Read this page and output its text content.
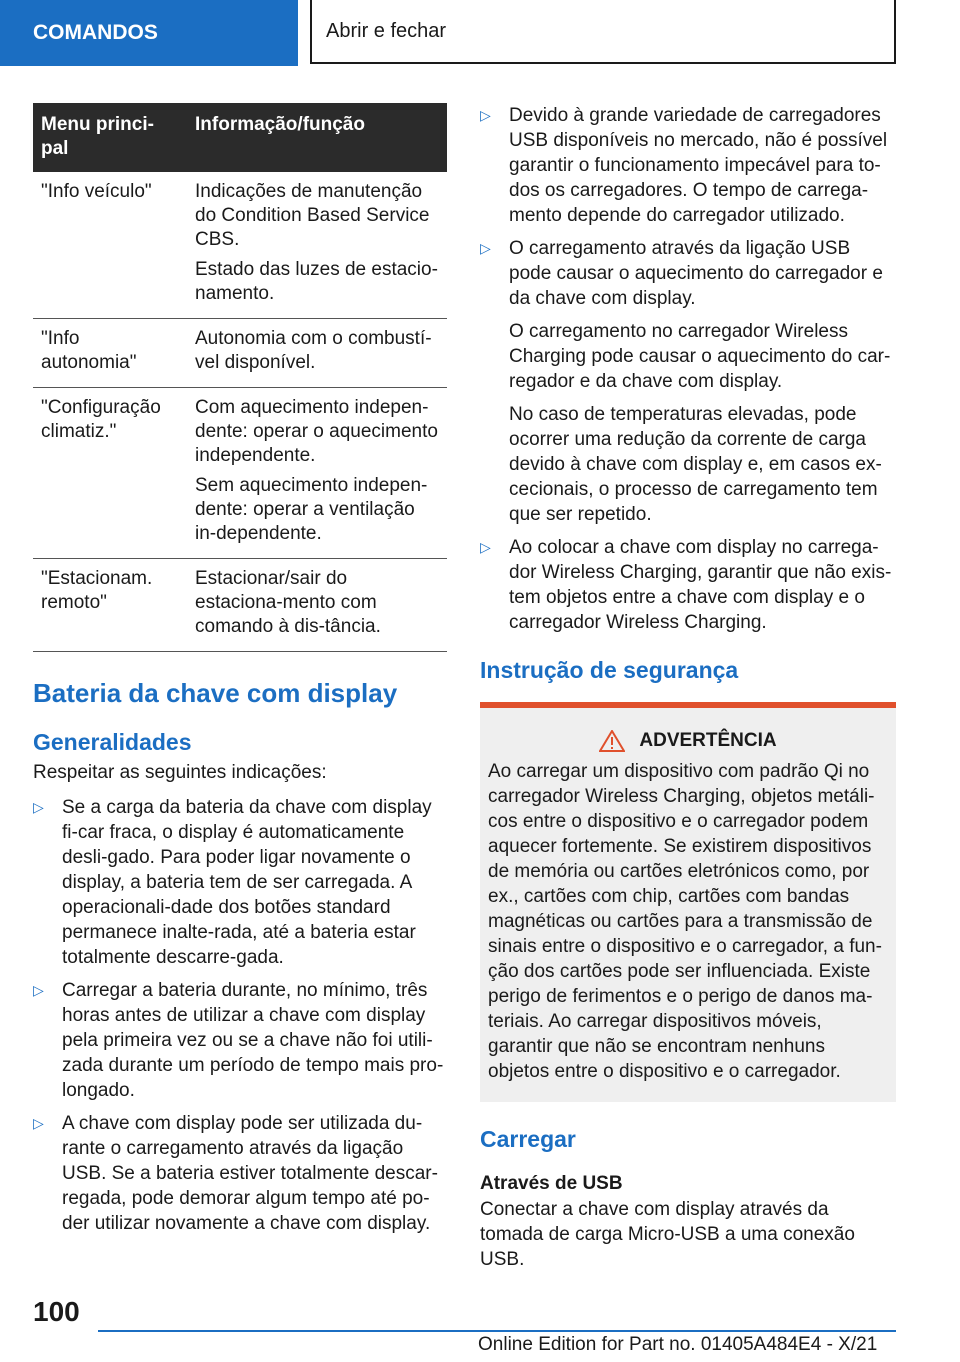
COMANDOS	Abrir e fechar
Menu princi-pal	Informação/função
"Info veículo"	Indicações de manutenção do Condition Based Service CBS.

Estado das luzes de estacio-namento.

"Info autonomia"	Autonomia com o combustí-vel disponível.

"Configuração climatiz."	Com aquecimento indepen-dente: operar o aquecimento independente.

Sem aquecimento indepen-dente: operar a ventilação in-dependente.

"Estacionam. remoto"	Estacionar/sair do estaciona-mento com comando à dis-tância.

Bateria da chave com display
Generalidades

Respeitar as seguintes indicações:

▷ Se a carga da bateria da chave com display fi-car fraca, o display é automaticamente desli-gado. Para poder ligar novamente o display, a bateria tem de ser carregada. A operacionali-dade dos botões standard permanece inalte-rada, até a bateria estar totalmente descarre-gada.

▷ Carregar a bateria durante, no mínimo, três horas antes de utilizar a chave com display pela primeira vez ou se a chave não foi utili-zada durante um período de tempo mais pro-longado.

▷ A chave com display pode ser utilizada du-rante o carregamento através da ligação USB. Se a bateria estiver totalmente descar-regada, pode demorar algum tempo até po-der utilizar novamente a chave com display.

▷ Devido à grande variedade de carregadores USB disponíveis no mercado, não é possível garantir o funcionamento impecável para to-dos os carregadores. O tempo de carrega-mento depende do carregador utilizado.

▷ O carregamento através da ligação USB pode causar o aquecimento do carregador e da chave com display.

O carregamento no carregador Wireless Charging pode causar o aquecimento do car-regador e da chave com display.

No caso de temperaturas elevadas, pode ocorrer uma redução da corrente de carga devido à chave com display e, em casos ex-cecionais, o processo de carregamento tem que ser repetido.

▷ Ao colocar a chave com display no carrega-dor Wireless Charging, garantir que não exis-tem objetos entre a chave com display e o carregador Wireless Charging.

Instrução de segurança
ADVERTÊNCIA

Ao carregar um dispositivo com padrão Qi no carregador Wireless Charging, objetos metáli-cos entre o dispositivo e o carregador podem aquecer fortemente. Se existirem dispositivos de memória ou cartões eletrónicos como, por ex., cartões com chip, cartões com bandas magnéticas ou cartões para a transmissão de sinais entre o dispositivo e o carregador, a fun-ção dos cartões pode ser influenciada. Existe perigo de ferimentos e o perigo de danos ma-teriais. Ao carregar dispositivos móveis, garantir que não se encontram nenhuns objetos entre o dispositivo e o carregador.

Carregar
Através de USB

Conectar a chave com display através da tomada de carga Micro-USB a uma conexão USB.

100
Online Edition for Part no. 01405A484E4 - X/21
